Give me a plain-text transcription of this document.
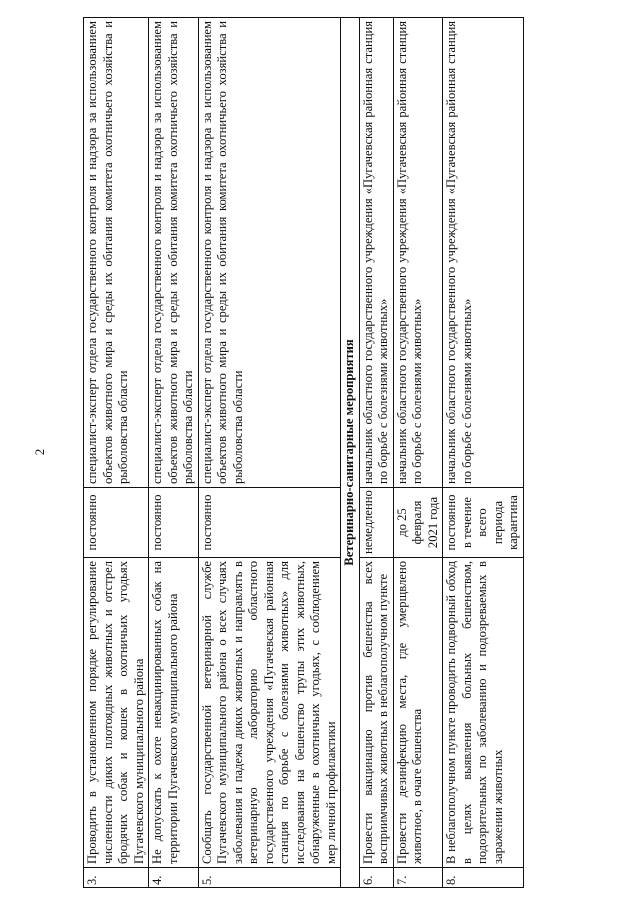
2
3.	Проводить в установленном порядке регулирование численности диких плотоядных животных и отстрел бродячих собак и кошек в охотничьих угодьях Пугачевского муниципального района	постоянно	специалист-эксперт отдела государственного контроля и надзора за использованием объектов животного мира и среды их обитания комитета охотничьего хозяйства и рыболовства области
4.	Не допускать к охоте невакцинированных собак на территории Пугачевского муниципального района	постоянно	специалист-эксперт отдела государственного контроля и надзора за использованием объектов животного мира и среды их обитания комитета охотничьего хозяйства и рыболовства области
5.	Сообщать государственной ветеринарной службе Пугачевского муниципального района о всех случаях заболевания и падежа диких животных и направлять в ветеринарную лабораторию областного государственного учреждения «Пугачевская районная станция по борьбе с болезнями животных» для исследования на бешенство трупы этих животных, обнаруженные в охотничьих угодьях, с соблюдением мер личной профилактики	постоянно	специалист-эксперт отдела государственного контроля и надзора за использованием объектов животного мира и среды их обитания комитета охотничьего хозяйства и рыболовства области
Ветеринарно-санитарные мероприятия			
6.	Провести вакцинацию против бешенства всех восприимчивых животных в неблагополучном пункте	немедленно	начальник областного государственного учреждения «Пугачевская районная станция по борьбе с болезнями животных»
7.	Провести дезинфекцию места, где умерщвлено животное, в очаге бешенства	до 25 февраля 2021 года	начальник областного государственного учреждения «Пугачевская районная станция по борьбе с болезнями животных»
8.	В неблагополучном пункте проводить подворный обход в целях выявления больных бешенством, подозрительных по заболеванию и подозреваемых в заражении животных	постоянно в течение всего периода карантина	начальник областного государственного учреждения «Пугачевская районная станция по борьбе с болезнями животных»
